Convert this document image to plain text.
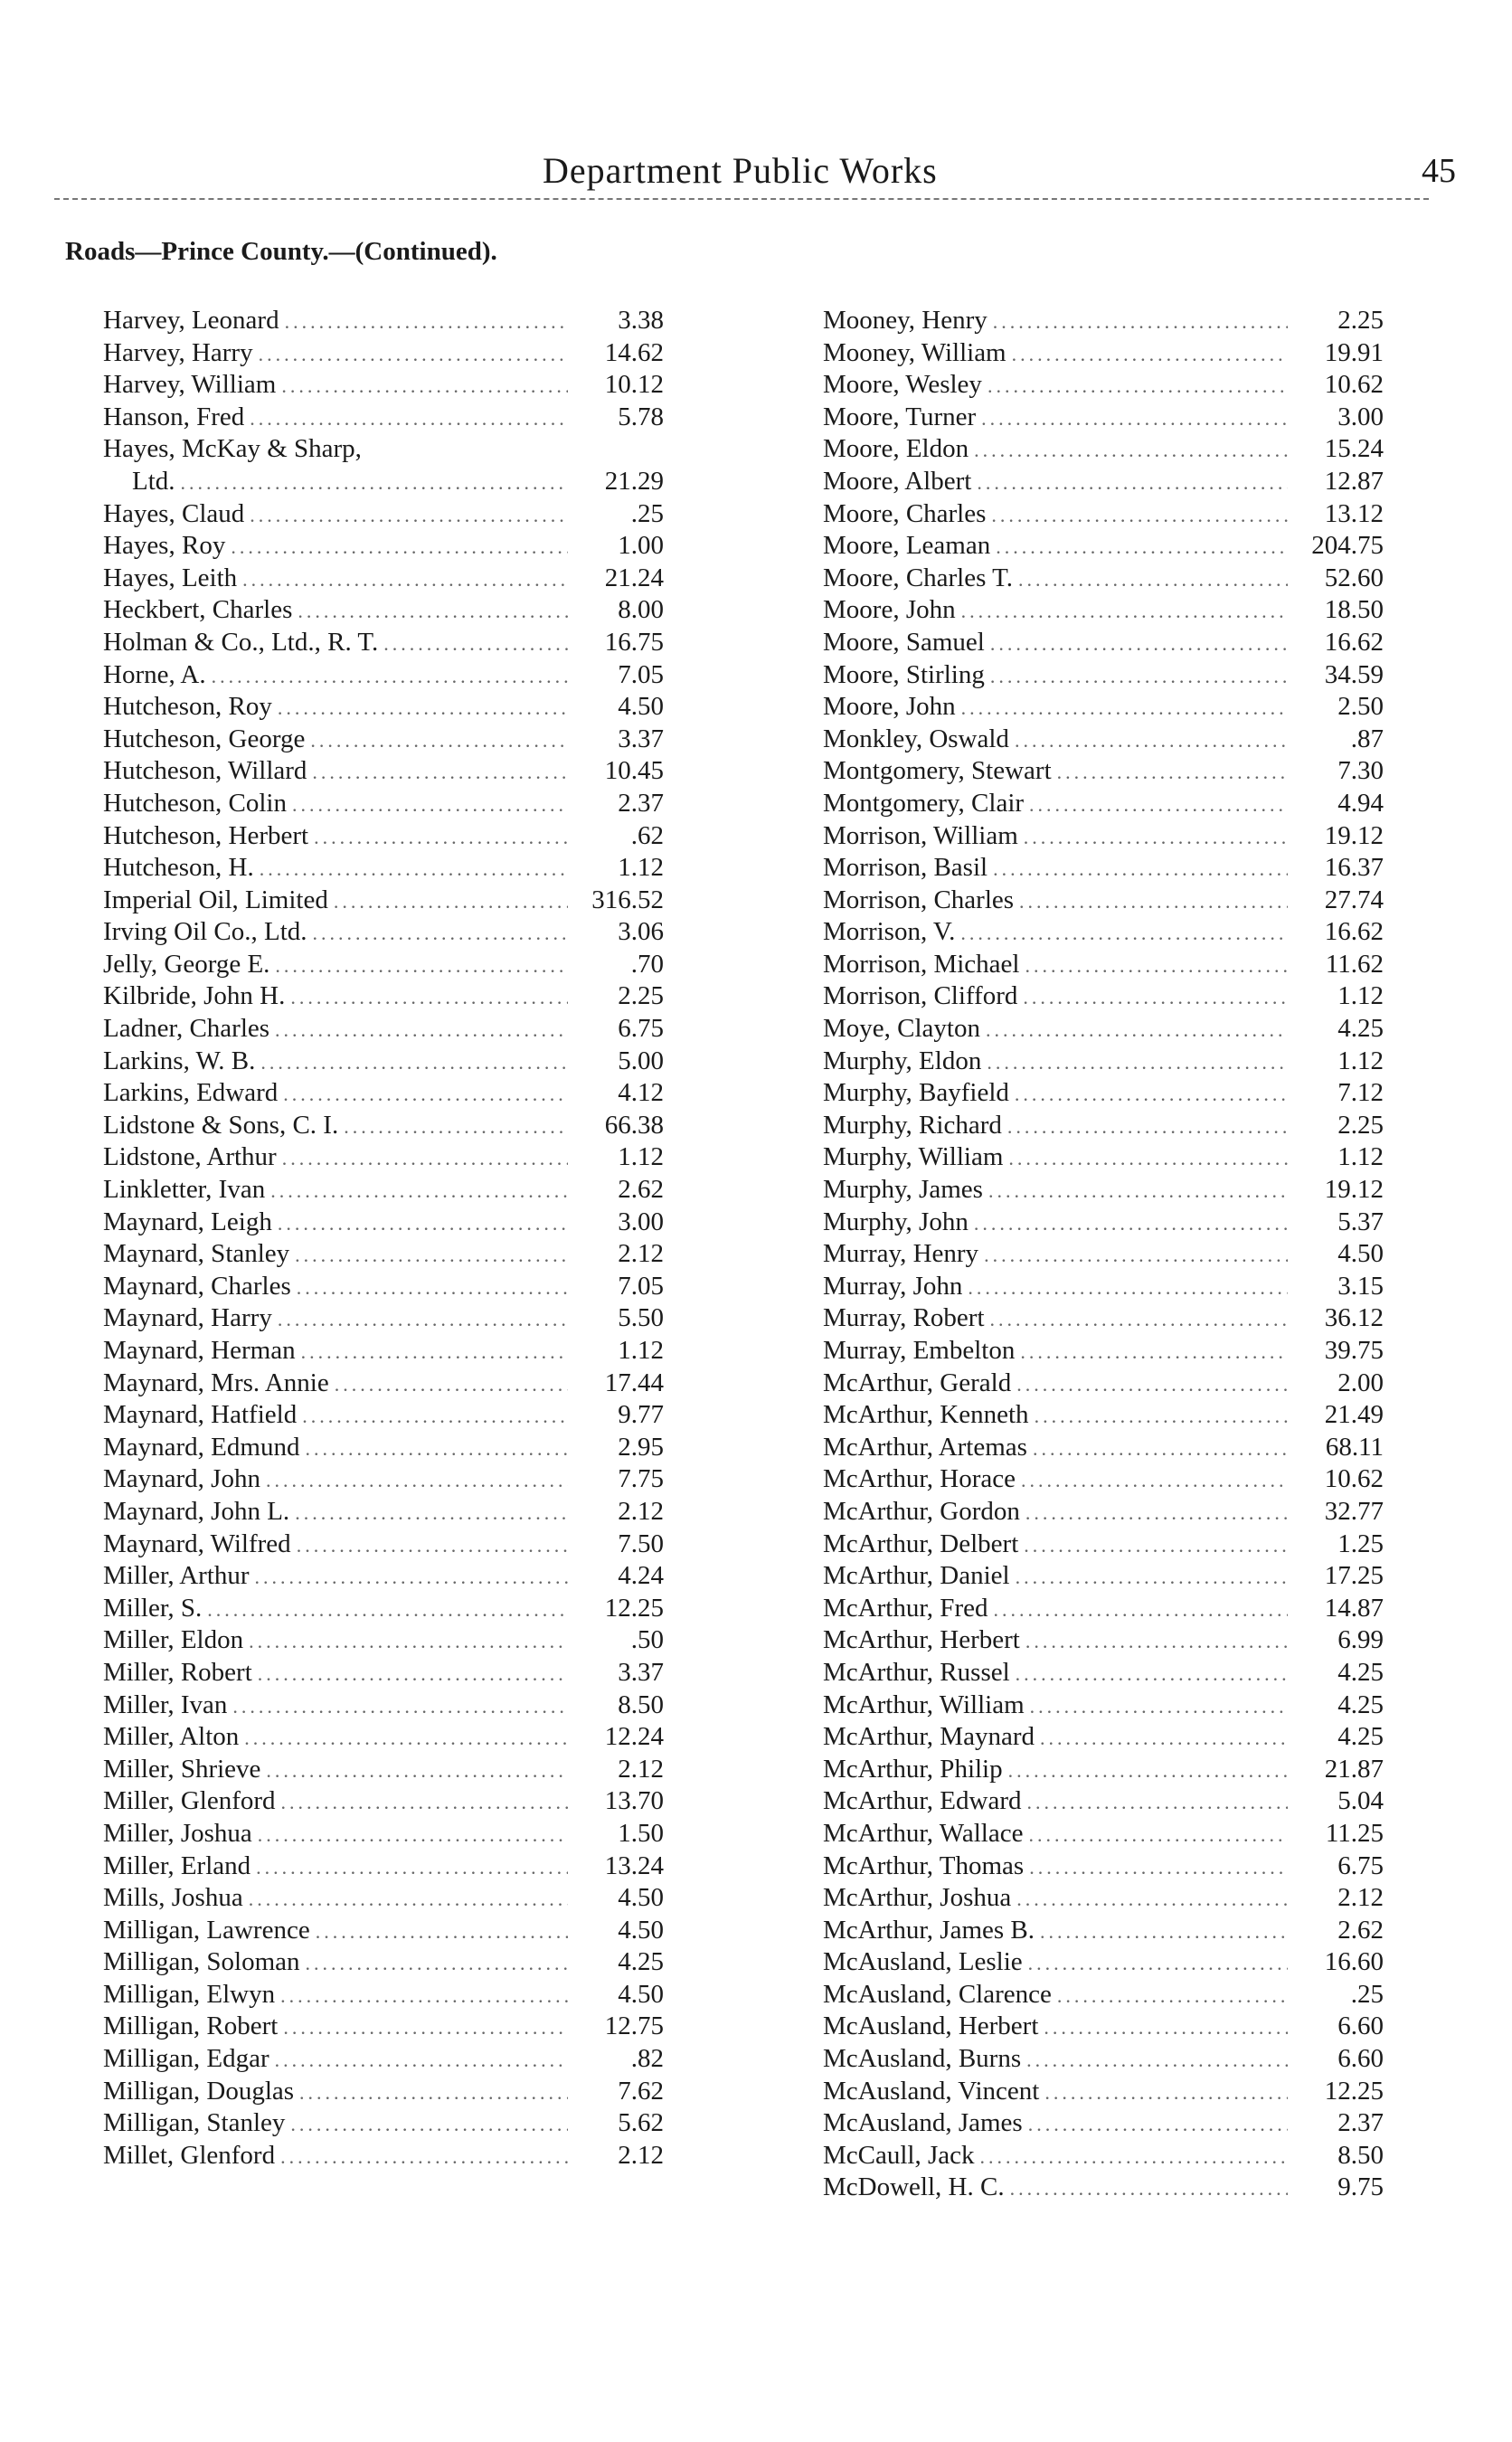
Department Public Works	45
Roads—Prince County.—(Continued).
Harvey, Leonard .....	3.38
Harvey, Harry .....	14.62
Harvey, William .....	10.12
Hanson, Fred .....	5.78
Hayes, McKay & Sharp,
Ltd. .....	21.29
Hayes, Claud .....	.25
Hayes, Roy .....	1.00
Hayes, Leith .....	21.24
Heckbert, Charles .....	8.00
Holman & Co., Ltd., R. T. .....	16.75
Horne, A. .....	7.05
Hutcheson, Roy .....	4.50
Hutcheson, George .....	3.37
Hutcheson, Willard .....	10.45
Hutcheson, Colin .....	2.37
Hutcheson, Herbert .....	.62
Hutcheson, H. .....	1.12
Imperial Oil, Limited .....	316.52
Irving Oil Co., Ltd. .....	3.06
Jelly, George E. .....	.70
Kilbride, John H. .....	2.25
Ladner, Charles .....	6.75
Larkins, W. B. .....	5.00
Larkins, Edward .....	4.12
Lidstone & Sons, C. I. .....	66.38
Lidstone, Arthur .....	1.12
Linkletter, Ivan .....	2.62
Maynard, Leigh .....	3.00
Maynard, Stanley .....	2.12
Maynard, Charles .....	7.05
Maynard, Harry .....	5.50
Maynard, Herman .....	1.12
Maynard, Mrs. Annie .....	17.44
Maynard, Hatfield .....	9.77
Maynard, Edmund .....	2.95
Maynard, John .....	7.75
Maynard, John L. .....	2.12
Maynard, Wilfred .....	7.50
Miller, Arthur .....	4.24
Miller, S. .....	12.25
Miller, Eldon .....	.50
Miller, Robert .....	3.37
Miller, Ivan .....	8.50
Miller, Alton .....	12.24
Miller, Shrieve .....	2.12
Miller, Glenford .....	13.70
Miller, Joshua .....	1.50
Miller, Erland .....	13.24
Mills, Joshua .....	4.50
Milligan, Lawrence .....	4.50
Milligan, Soloman .....	4.25
Milligan, Elwyn .....	4.50
Milligan, Robert .....	12.75
Milligan, Edgar .....	.82
Milligan, Douglas .....	7.62
Milligan, Stanley .....	5.62
Millet, Glenford .....	2.12
Mooney, Henry .....	2.25
Mooney, William .....	19.91
Moore, Wesley .....	10.62
Moore, Turner .....	3.00
Moore, Eldon .....	15.24
Moore, Albert .....	12.87
Moore, Charles .....	13.12
Moore, Leaman .....	204.75
Moore, Charles T. .....	52.60
Moore, John .....	18.50
Moore, Samuel .....	16.62
Moore, Stirling .....	34.59
Moore, John .....	2.50
Monkley, Oswald .....	.87
Montgomery, Stewart .....	7.30
Montgomery, Clair .....	4.94
Morrison, William .....	19.12
Morrison, Basil .....	16.37
Morrison, Charles .....	27.74
Morrison, V. .....	16.62
Morrison, Michael .....	11.62
Morrison, Clifford .....	1.12
Moye, Clayton .....	4.25
Murphy, Eldon .....	1.12
Murphy, Bayfield .....	7.12
Murphy, Richard .....	2.25
Murphy, William .....	1.12
Murphy, James .....	19.12
Murphy, John .....	5.37
Murray, Henry .....	4.50
Murray, John .....	3.15
Murray, Robert .....	36.12
Murray, Embelton .....	39.75
McArthur, Gerald .....	2.00
McArthur, Kenneth .....	21.49
McArthur, Artemas .....	68.11
McArthur, Horace .....	10.62
McArthur, Gordon .....	32.77
McArthur, Delbert .....	1.25
McArthur, Daniel .....	17.25
McArthur, Fred .....	14.87
McArthur, Herbert .....	6.99
McArthur, Russel .....	4.25
McArthur, William .....	4.25
McArthur, Maynard .....	4.25
McArthur, Philip .....	21.87
McArthur, Edward .....	5.04
McArthur, Wallace .....	11.25
McArthur, Thomas .....	6.75
McArthur, Joshua .....	2.12
McArthur, James B. .....	2.62
McAusland, Leslie .....	16.60
McAusland, Clarence .....	.25
McAusland, Herbert .....	6.60
McAusland, Burns .....	6.60
McAusland, Vincent .....	12.25
McAusland, James .....	2.37
McCaull, Jack .....	8.50
McDowell, H. C. .....	9.75
